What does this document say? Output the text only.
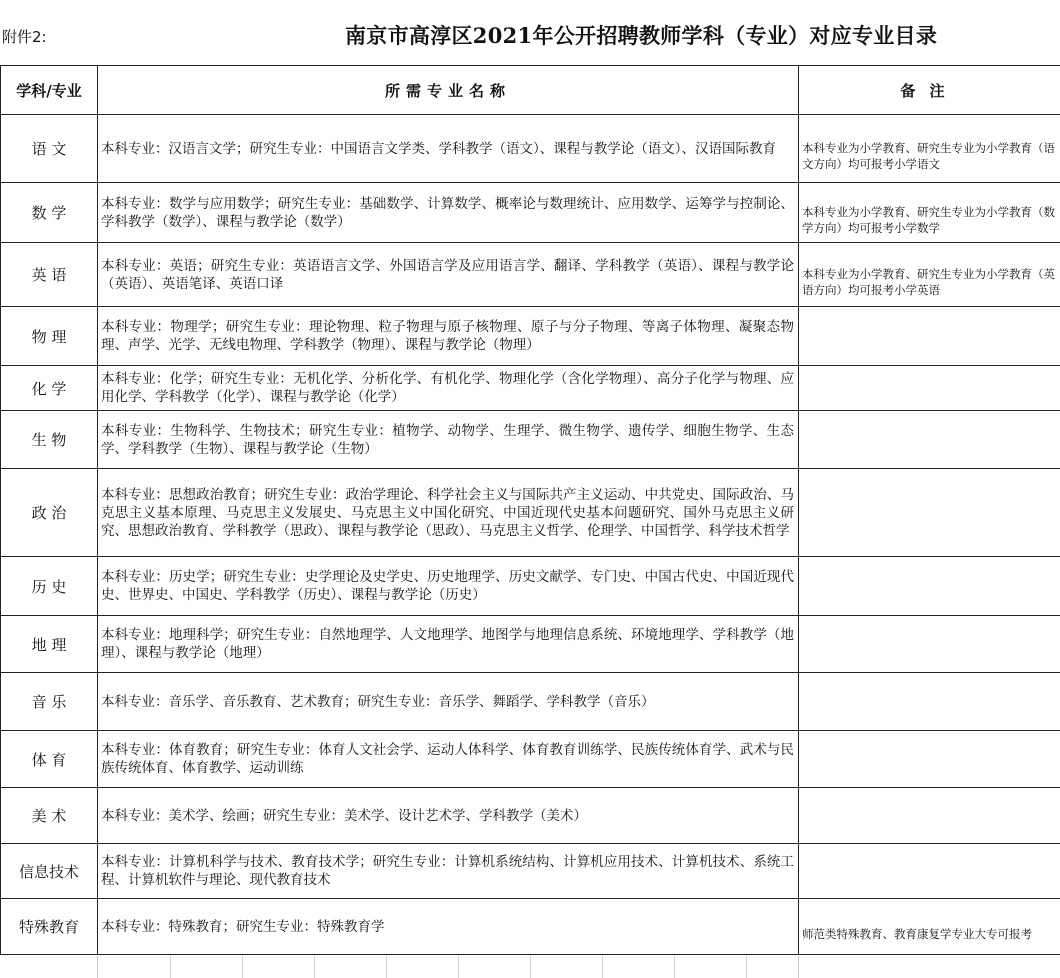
附件2:	南京市高淳区2021年公开招聘教师学科（专业）对应专业目录
学科/专业	所需专业名称	备注
语 文	本科专业：汉语言文学；研究生专业：中国语言文学类、学科教学（语文）、课程与教学论（语文）、汉语国际教育	本科专业为小学教育、研究生专业为小学教育（语文方向）均可报考小学语文

数 学	本科专业：数学与应用数学；研究生专业：基础数学、计算数学、概率论与数理统计、应用数学、运筹学与控制论、学科教学（数学）、课程与教学论（数学）	本科专业为小学教育、研究生专业为小学教育（数学方向）均可报考小学数学

英 语	本科专业：英语；研究生专业：英语语言文学、外国语言学及应用语言学、翻译、学科教学（英语）、课程与教学论（英语）、英语笔译、英语口译	本科专业为小学教育、研究生专业为小学教育（英语方向）均可报考小学英语

物 理	本科专业：物理学；研究生专业：理论物理、粒子物理与原子核物理、原子与分子物理、等离子体物理、凝聚态物理、声学、光学、无线电物理、学科教学（物理）、课程与教学论（物理）	

化 学	本科专业：化学；研究生专业：无机化学、分析化学、有机化学、物理化学（含化学物理）、高分子化学与物理、应用化学、学科教学（化学）、课程与教学论（化学）	

生 物	本科专业：生物科学、生物技术；研究生专业：植物学、动物学、生理学、微生物学、遗传学、细胞生物学、生态学、学科教学（生物）、课程与教学论（生物）	

政 治	本科专业：思想政治教育；研究生专业：政治学理论、科学社会主义与国际共产主义运动、中共党史、国际政治、马克思主义基本原理、马克思主义发展史、马克思主义中国化研究、中国近现代史基本问题研究、国外马克思主义研究、思想政治教育、学科教学（思政）、课程与教学论（思政）、马克思主义哲学、伦理学、中国哲学、科学技术哲学	

历 史	本科专业：历史学；研究生专业：史学理论及史学史、历史地理学、历史文献学、专门史、中国古代史、中国近现代史、世界史、中国史、学科教学（历史）、课程与教学论（历史）	

地 理	本科专业：地理科学；研究生专业：自然地理学、人文地理学、地图学与地理信息系统、环境地理学、学科教学（地理）、课程与教学论（地理）	

音 乐	本科专业：音乐学、音乐教育、艺术教育；研究生专业：音乐学、舞蹈学、学科教学（音乐）	

体 育	本科专业：体育教育；研究生专业：体育人文社会学、运动人体科学、体育教育训练学、民族传统体育学、武术与民族传统体育、体育教学、运动训练	

美 术	本科专业：美术学、绘画；研究生专业：美术学、设计艺术学、学科教学（美术）	

信息技术	本科专业：计算机科学与技术、教育技术学；研究生专业：计算机系统结构、计算机应用技术、计算机技术、系统工程、计算机软件与理论、现代教育技术	

特殊教育	本科专业：特殊教育；研究生专业：特殊教育学	师范类特殊教育、教育康复学专业大专可报考
